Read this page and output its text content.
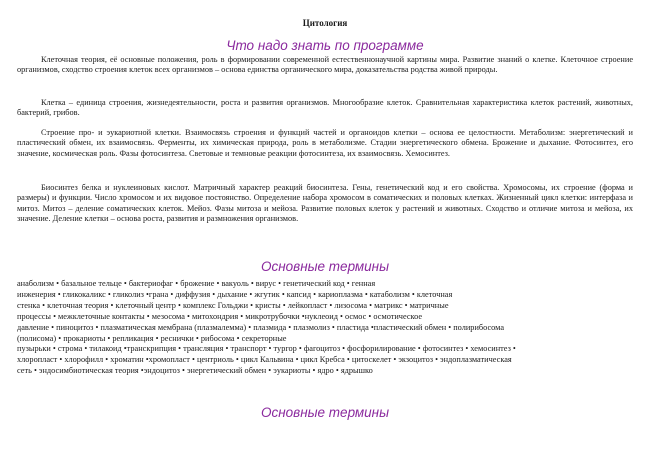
Цитология
Что надо знать по программе

Клеточная теория, её основные положения, роль в формировании современной естественнонаучной картины мира. Развитие знаний о клетке. Клеточное строение организмов, сходство строения клеток всех организмов – основа единства органического мира, доказательства родства живой природы.

Клетка – единица строения, жизнедеятельности, роста и развития организмов. Многообразие клеток. Сравнительная характеристика клеток растений, животных, бактерий, грибов.

Строение про- и эукариотной клетки. Взаимосвязь строения и функций частей и органоидов клетки – основа ее целостности. Метаболизм: энергетический и пластический обмен, их взаимосвязь. Ферменты, их химическая природа, роль в метаболизме. Стадии энергетического обмена. Брожение и дыхание. Фотосинтез, его значение, космическая роль. Фазы фотосинтеза. Световые и темновые реакции фотосинтеза, их взаимосвязь. Хемосинтез.

Биосинтез белка и нуклеиновых кислот. Матричный характер реакций биосинтеза. Гены, генетический код и его свойства. Хромосомы, их строение (форма и размеры) и функции. Число хромосом и их видовое постоянство. Определение набора хромосом в соматических и половых клетках. Жизненный цикл клетки: интерфаза и митоз. Митоз – деление соматических клеток. Мейоз. Фазы митоза и мейоза. Развитие половых клеток у растений и животных. Сходство и отличие митоза и мейоза, их значение. Деление клетки – основа роста, развития и размножения организмов.

Основные термины
анаболизм • базальное тельце • бактериофаг • брожение • вакуоль • вирус • генетический код • генная
инженерия • гликокаликс • гликолиз •грана • диффузия • дыхание • жгутик • капсид • кариоплазма • катаболизм • клеточная
стенка • клеточная теория • клеточный центр • комплекс Гольджи • кристы • лейкопласт • лизосома • матрикс • матричные
процессы • межклеточные контакты • мезосома • митохондрия • микротрубочки •нуклеоид • осмос • осмотическое
давление • пиноцитоз • плазматическая мембрана (плазмалемма) • плазмида • плазмолиз • пластида •пластический обмен • полирибосома
(полисома) • прокариоты • репликация • реснички • рибосома • секреторные
пузырьки • строма • тилакоид •транскрипция • трансляция • транспорт • тургор • фагоцитоз • фосфорилирование • фотосинтез • хемосинтез •
хлоропласт • хлорофилл • хроматин •хромопласт • центриоль • цикл Кальвина • цикл Кребса • цитоскелет • экзоцитоз • эндоплазматическая
сеть • эндосимбиотическая теория •эндоцитоз • энергетический обмен • эукариоты • ядро • ядрышко
Основные термины
